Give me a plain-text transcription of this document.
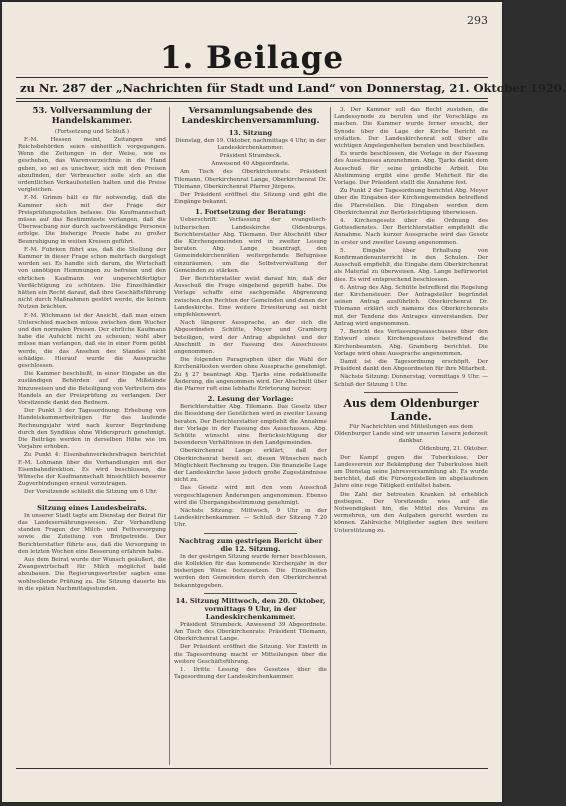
293
1. Beilage
zu Nr. 287 der „Nachrichten für Stadt und Land“ von Donnerstag, 21. Oktober 1920.
53. Vollversammlung der Handelskammer.

(Fortsetzung und Schluß.)

F.-M. Hessen meint, Zeitungen und Reichsbehörden seien einheitlich vorgegangen. Wenn die Zeitungen in der Weise, wie es geschehen, das Warenverzeichnis in die Hand geben, so sei es unschwer, sich mit den Preisen abzufinden, der Verbraucher solle sich an die ordentlichen Verkaufsstellen halten und die Preise vergleichen.

F.-M. Grimm hält es für notwendig, daß die Kammer sich mit der Frage der Preisprüfungsstellen befasse. Die Kaufmannschaft müsse auf das Bestimmteste verlangen, daß die Überwachung nur durch sachverständige Personen erfolge. Die bisherige Praxis habe zu großer Beunruhigung in weiten Kreisen geführt.

F.-M. Fuhrken führt aus, daß die Stellung der Kammer in dieser Frage schon mehrfach dargelegt worden sei. Es handle sich darum, die Wirtschaft von unnötigen Hemmungen zu befreien und den ehrlichen Kaufmann vor ungerechtfertigter Verdächtigung zu schützen. Die Einzelhändler hätten ein Recht darauf, daß ihre Geschäftsführung nicht durch Maßnahmen gestört werde, die keinen Nutzen brächten.

F.-M. Wichmann ist der Ansicht, daß man einen Unterschied machen müsse zwischen dem Wucher und den normalen Preisen. Der ehrliche Kaufmann habe die Aufsicht nicht zu scheuen; wohl aber müsse man verlangen, daß sie in einer Form geübt werde, die das Ansehen des Standes nicht schädige. Hierauf wurde die Aussprache geschlossen.

Die Kammer beschließt, in einer Eingabe an die zuständigen Behörden auf die Mißstände hinzuweisen und die Beteiligung von Vertretern des Handels an der Preisprüfung zu verlangen. Der Vorsitzende dankt den Rednern.

Der Punkt 3 der Tagesordnung: Erhebung von Handelskammerbeiträgen für das laufende Rechnungsjahr wird nach kurzer Begründung durch den Syndikus ohne Widerspruch genehmigt. Die Beiträge werden in derselben Höhe wie im Vorjahre erhoben.

Zu Punkt 4: Eisenbahnverkehrsfragen berichtet F.-M. Lohmann über die Verhandlungen mit der Eisenbahndirektion. Es wird beschlossen, die Wünsche der Kaufmannschaft hinsichtlich besserer Zugverbindungen erneut vorzutragen.

Der Vorsitzende schließt die Sitzung um 6 Uhr.

Sitzung eines Landesbeirats.

In unserer Stadt tagte am Dienstag der Beirat für das Landesernährungswesen. Zur Verhandlung standen Fragen der Milch- und Fettversorgung sowie die Zuteilung von Brotgetreide. Der Berichterstatter führte aus, daß die Versorgung in den letzten Wochen eine Besserung erfahren habe.

Aus dem Beirat wurde der Wunsch geäußert, die Zwangswirtschaft für Milch möglichst bald abzubauen. Die Regierungsvertreter sagten eine wohlwollende Prüfung zu. Die Sitzung dauerte bis in die späten Nachmittagsstunden.

Versammlungsabende des Landeskirchenversammlung.
13. Sitzung

Dienstag, den 19. Oktober, nachmittags 4 Uhr, in der Landeskirchenkammer.

Präsident Strambeck.

Anwesend 40 Abgeordnete.

Am Tisch des Oberkirchenrats: Präsident Tilemann, Oberkirchenrat Lange, Oberkirchenrat Dr. Tilemann, Oberkirchenrat Pfarrer Jürgens.

Der Präsident eröffnet die Sitzung und gibt die Eingänge bekannt.

1. Fortsetzung der Beratung:

Ueberschrift: Verfassung der evangelisch-lutherischen Landeskirche Oldenburgs. Berichterstatter Abg. Tilemann. Der Abschnitt über die Kirchengemeinden wird in zweiter Lesung beraten. Abg. Lange beantragt, den Gemeindekirchenräten weitergehende Befugnisse einzuräumen, um die Selbstverwaltung der Gemeinden zu stärken.

Der Berichterstatter weist darauf hin, daß der Ausschuß die Frage eingehend geprüft habe. Die Vorlage schaffe eine sachgemäße Abgrenzung zwischen den Rechten der Gemeinden und denen der Landeskirche. Eine weitere Erweiterung sei nicht empfehlenswert.

Nach längerer Aussprache, an der sich die Abgeordneten Schütte, Meyer und Gramberg beteiligen, wird der Antrag abgelehnt und der Abschnitt in der Fassung des Ausschusses angenommen.

Die folgenden Paragraphen über die Wahl der Kirchenältesten werden ohne Aussprache genehmigt. Zu § 27 beantragt Abg. Tjarks eine redaktionelle Änderung, die angenommen wird. Der Abschnitt über die Pfarrer ruft eine lebhafte Erörterung hervor.

2. Lesung der Vorlage:

Berichterstatter Abg. Tilemann. Das Gesetz über die Besoldung der Geistlichen wird in zweiter Lesung beraten. Der Berichterstatter empfiehlt die Annahme der Vorlage in der Fassung des Ausschusses. Abg. Schütte wünscht eine Berücksichtigung der besonderen Verhältnisse in den Landgemeinden.

Oberkirchenrat Lange erklärt, daß der Oberkirchenrat bereit sei, diesen Wünschen nach Möglichkeit Rechnung zu tragen. Die finanzielle Lage der Landeskirche lasse jedoch große Zugeständnisse nicht zu.

Das Gesetz wird mit den vom Ausschuß vorgeschlagenen Änderungen angenommen. Ebenso wird die Übergangsbestimmung genehmigt.

Nächste Sitzung: Mittwoch, 9 Uhr in der Landeskirchenkammer. — Schluß der Sitzung 7.20 Uhr.

Nachtrag zum gestrigen Bericht über die 12. Sitzung.

In der gestrigen Sitzung wurde ferner beschlossen, die Kollekten für das kommende Kirchenjahr in der bisherigen Weise festzusetzen. Die Einzelheiten werden den Gemeinden durch den Oberkirchenrat bekanntgegeben.

14. Sitzung Mittwoch, den 20. Oktober, vormittags 9 Uhr, in der Landeskirchenkammer.

Präsident Strambeck. Anwesend 39 Abgeordnete. Am Tisch des Oberkirchenrats: Präsident Tilemann, Oberkirchenrat Lange.

Der Präsident eröffnet die Sitzung. Vor Eintritt in die Tagesordnung macht er Mitteilungen über die weitere Geschäftsführung.

1. Dritte Lesung des Gesetzes über die Tagesordnung der Landeskirchenkammer.

3. Der Kammer soll das Recht zustehen, die Landessynode zu berufen und ihr Vorschläge zu machen. Die Kammer wurde ferner ersucht, der Synode über die Lage der Kirche Bericht zu erstatten. Der Landeskirchenrat soll über alle wichtigen Angelegenheiten beraten und beschließen.

Es wurde beschlossen, die Vorlage in der Fassung des Ausschusses anzunehmen. Abg. Tjarks dankt dem Ausschuß für seine gründliche Arbeit. Die Abstimmung ergibt eine große Mehrheit für die Vorlage. Der Präsident stellt die Annahme fest.

Zu Punkt 2 der Tagesordnung berichtet Abg. Meyer über die Eingaben der Kirchengemeinden betreffend die Pfarrstellen. Die Eingaben werden dem Oberkirchenrat zur Berücksichtigung überwiesen.

4. Kirchengesetz über die Ordnung des Gottesdienstes. Der Berichterstatter empfiehlt die Annahme. Nach kurzer Aussprache wird das Gesetz in erster und zweiter Lesung angenommen.

5. Eingabe über Erhaltung von Konfirmandenunterricht in den Schulen. Der Ausschuß empfiehlt, die Eingabe dem Oberkirchenrat als Material zu überweisen. Abg. Lange befürwortet dies. Es wird entsprechend beschlossen.

6. Antrag des Abg. Schütte betreffend die Regelung der Kirchensteuer. Der Antragsteller begründet seinen Antrag ausführlich. Oberkirchenrat Dr. Tilemann erklärt sich namens des Oberkirchenrats mit der Tendenz des Antrages einverstanden. Der Antrag wird angenommen.

7. Bericht des Verfassungsausschusses über den Entwurf eines Kirchengesetzes betreffend die Kirchenbeamten. Abg. Gramberg berichtet. Die Vorlage wird ohne Aussprache angenommen.

Damit ist die Tagesordnung erschöpft. Der Präsident dankt den Abgeordneten für ihre Mitarbeit.

Nächste Sitzung: Donnerstag, vormittags 9 Uhr. — Schluß der Sitzung 1 Uhr.

Aus dem Oldenburger Lande.

Für Nachrichten und Mitteilungen aus dem Oldenburger Lande sind wir unseren Lesern jederzeit dankbar.

Oldenburg, 21. Oktober.

Der Kampf gegen die Tuberkulose. Der Landesverein zur Bekämpfung der Tuberkulose hielt am Dienstag seine Jahresversammlung ab. Es wurde berichtet, daß die Fürsorgestellen im abgelaufenen Jahre eine rege Tätigkeit entfaltet haben.

Die Zahl der betreuten Kranken ist erheblich gestiegen. Der Vorsitzende wies auf die Notwendigkeit hin, die Mittel des Vereins zu vermehren, um den Aufgaben gerecht werden zu können. Zahlreiche Mitglieder sagten ihre weitere Unterstützung zu.
